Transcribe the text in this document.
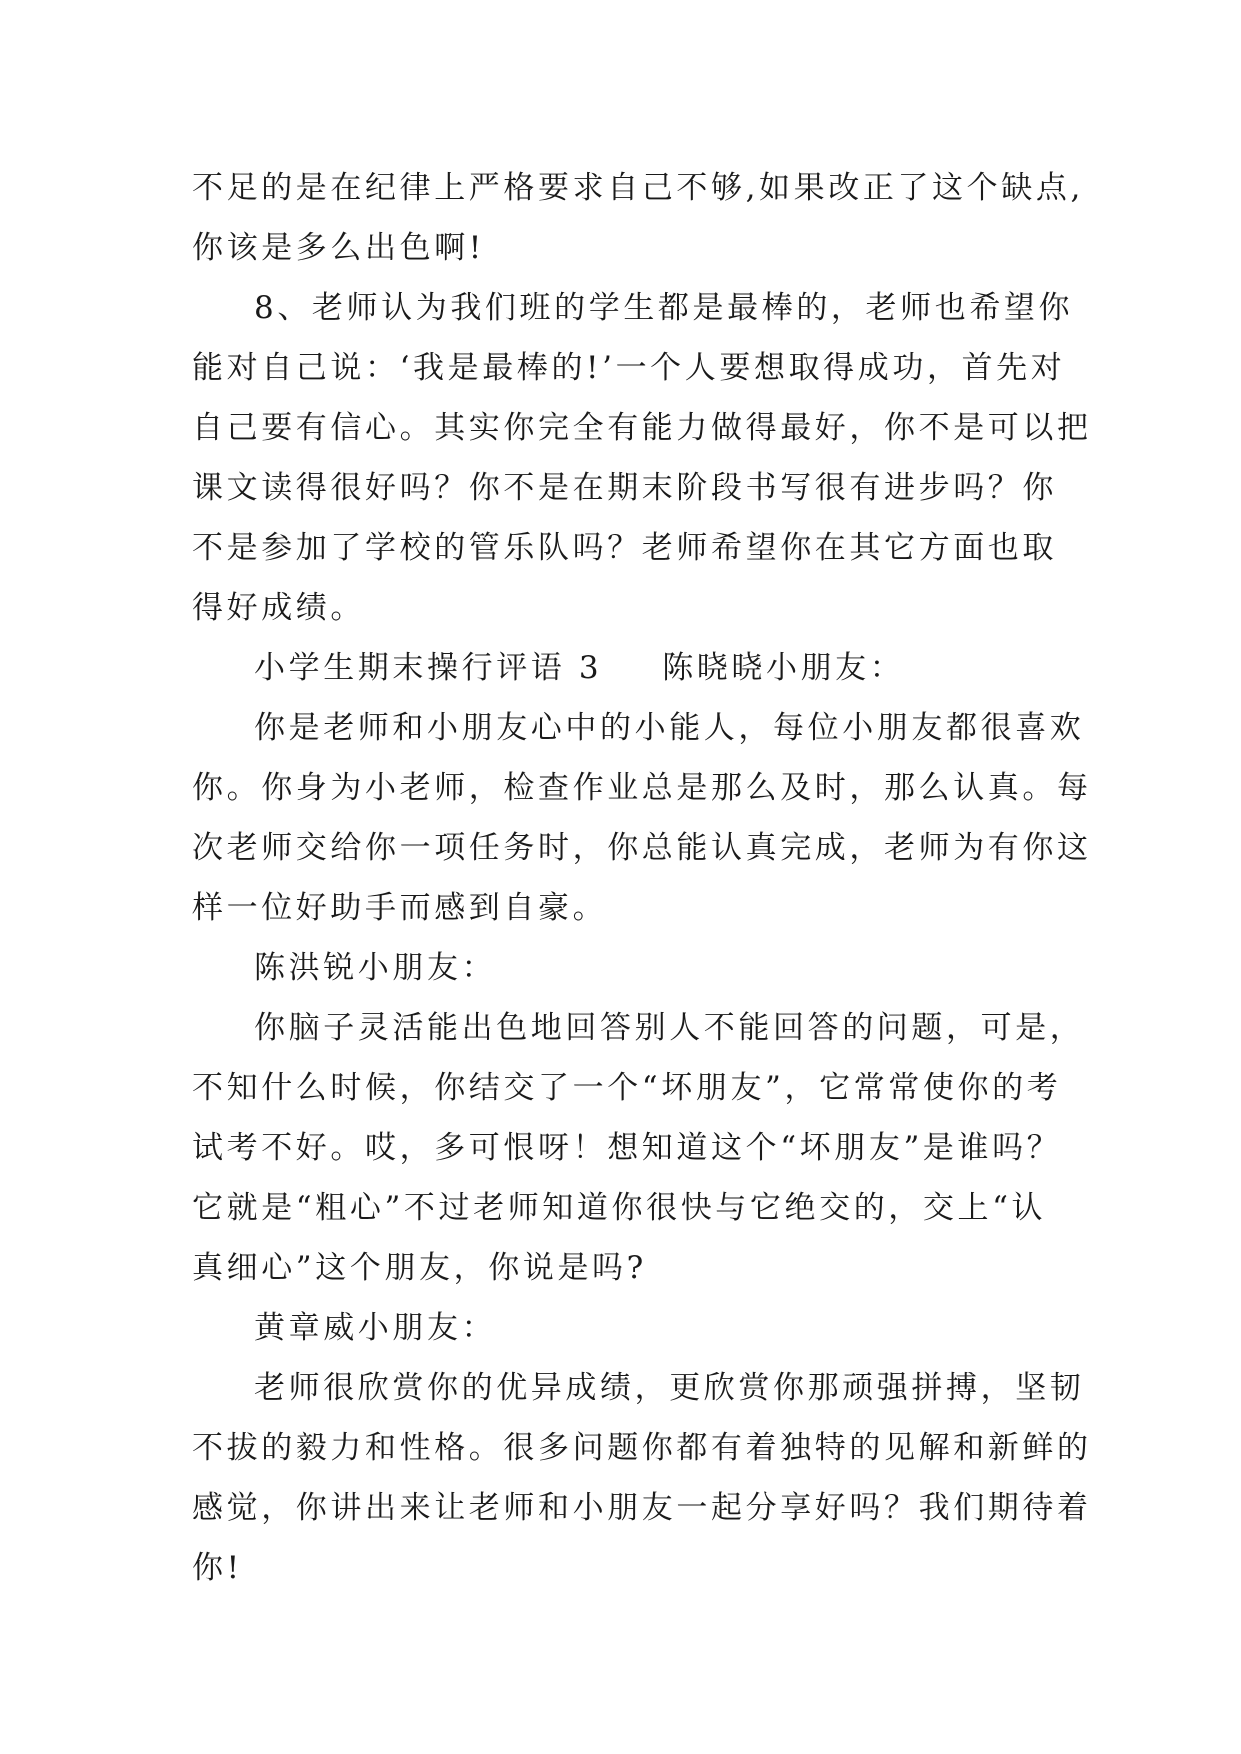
不足的是在纪律上严格要求自己不够,如果改正了这个缺点,
你该是多么出色啊!
8、老师认为我们班的学生都是最棒的，老师也希望你
能对自己说：‘我是最棒的!’一个人要想取得成功，首先对
自己要有信心。其实你完全有能力做得最好，你不是可以把
课文读得很好吗？你不是在期末阶段书写很有进步吗？你
不是参加了学校的管乐队吗？老师希望你在其它方面也取
得好成绩。
小学生期末操行评语 3 陈晓晓小朋友：
你是老师和小朋友心中的小能人，每位小朋友都很喜欢
你。你身为小老师，检查作业总是那么及时，那么认真。每
次老师交给你一项任务时，你总能认真完成，老师为有你这
样一位好助手而感到自豪。
陈洪锐小朋友：
你脑子灵活能出色地回答别人不能回答的问题，可是，
不知什么时候，你结交了一个“坏朋友”，它常常使你的考
试考不好。哎，多可恨呀！想知道这个“坏朋友”是谁吗？
它就是“粗心”不过老师知道你很快与它绝交的，交上“认
真细心”这个朋友，你说是吗?
黄章威小朋友：
老师很欣赏你的优异成绩，更欣赏你那顽强拼搏，坚韧
不拔的毅力和性格。很多问题你都有着独特的见解和新鲜的
感觉，你讲出来让老师和小朋友一起分享好吗？我们期待着
你!
